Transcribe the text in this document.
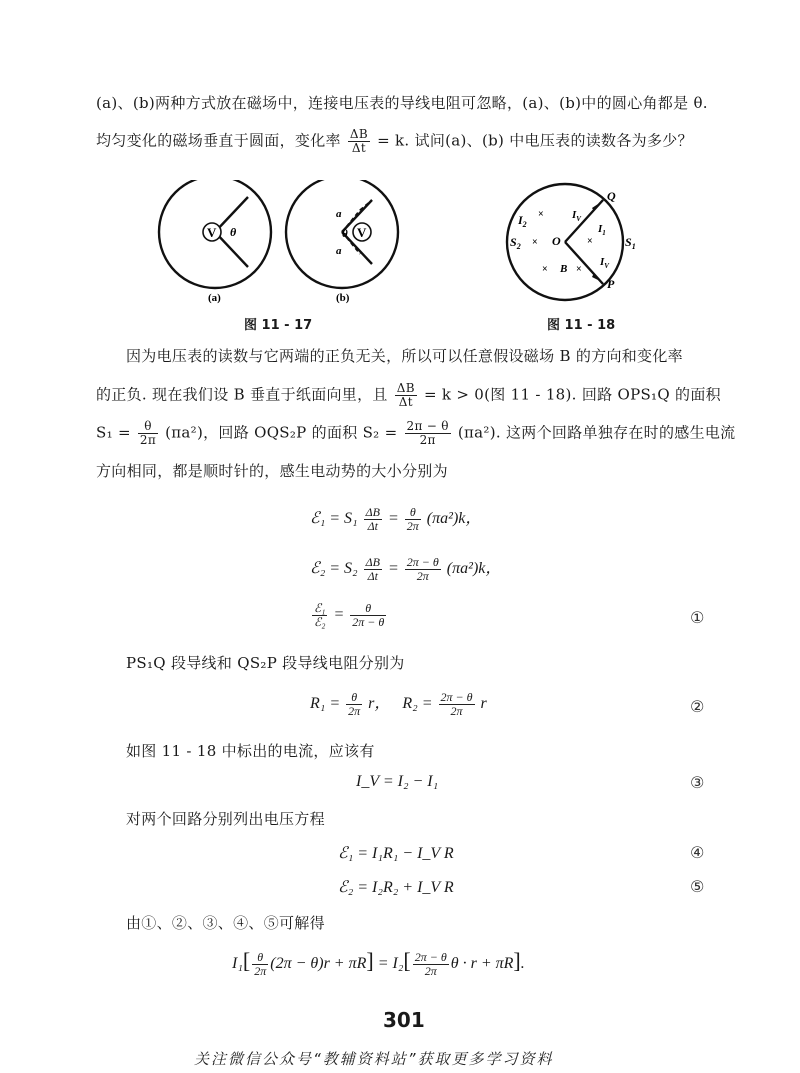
(a)、(b)两种方式放在磁场中，连接电压表的导线电阻可忽略，(a)、(b)中的圆心角都是 θ.
均匀变化的磁场垂直于圆面，变化率 $\frac{\Delta B}{\Delta t} = k$. 试问(a)、(b) 中电压表的读数各为多少？
V θ	V
a
a
θ
(a)	(b)
图 11 - 17
Q
P
O	$S_1$
$S_2$
$I_2$	$I_1$
$I_V$
$I_V$
B
×
×	×
×	×
图 11 - 18
因为电压表的读数与它两端的正负无关，所以可以任意假设磁场 B 的方向和变化率
的正负. 现在我们设 B 垂直于纸面向里，且 $\frac{\Delta B}{\Delta t} = k > 0$(图 11 - 18). 回路 OPS₁Q 的面积
$S_1 = \frac{\theta}{2\pi} (\pi a^2)$，回路 OQS₂P 的面积 $S_2 = \frac{2\pi - \theta}{2\pi} (\pi a^2)$. 这两个回路单独存在时的感生电流
方向相同，都是顺时针的，感生电动势的大小分别为
ℰ₁ = $S_1 \frac{\Delta B}{\Delta t} = \frac{\theta}{2\pi} (\pi a^2)k$，
ℰ₂ = $S_2 \frac{\Delta B}{\Delta t} = \frac{2\pi - \theta}{2\pi} (\pi a^2)k$，
$\frac{\text{ℰ₁}}{\text{ℰ₂}} = \frac{\theta}{2\pi - \theta}$	①
PS₁Q 段导线和 QS₂P 段导线电阻分别为
$R_1 = \frac{\theta}{2\pi}$ r， $R_2 = \frac{2\pi - \theta}{2\pi}$ r	②
如图 11 - 18 中标出的电流，应该有
I_V = I₂ − I₁	③
对两个回路分别列出电压方程
ℰ₁ = I₁R₁ − I_V R	④
ℰ₂ = I₂R₂ + I_V R	⑤
由①、②、③、④、⑤可解得
$I_1[ \frac{\theta}{2\pi} (2\pi - \theta)r + \pi R] = I_2[ \frac{2\pi - \theta}{2\pi}$ θ · r + πR].
301
关注微信公众号“教辅资料站”获取更多学习资料
